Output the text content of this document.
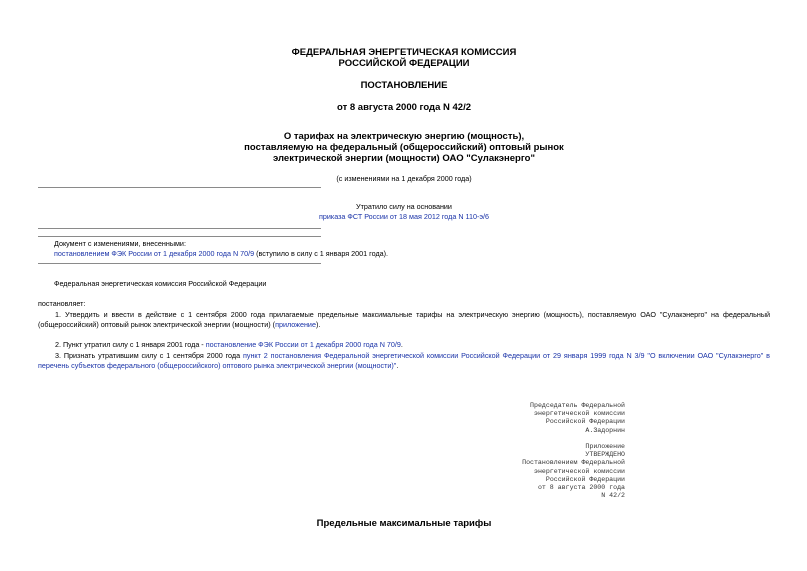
ФЕДЕРАЛЬНАЯ ЭНЕРГЕТИЧЕСКАЯ КОМИССИЯ
РОССИЙСКОЙ ФЕДЕРАЦИИ
ПОСТАНОВЛЕНИЕ
от 8 августа 2000 года N 42/2
О тарифах на электрическую энергию (мощность),
поставляемую на федеральный (общероссийский) оптовый рынок
электрической энергии (мощности) ОАО "Сулакэнерго"
(с изменениями на 1 декабря 2000 года)
Утратило силу на основании
приказа ФСТ России от 18 мая 2012 года N 110-э/6
Документ с изменениями, внесенными:
постановлением ФЭК России от 1 декабря 2000 года N 70/9 (вступило в силу с 1 января 2001 года).
Федеральная энергетическая комиссия Российской Федерации
постановляет:
1. Утвердить и ввести в действие с 1 сентября 2000 года прилагаемые предельные максимальные тарифы на электрическую энергию (мощность), поставляемую ОАО "Сулакэнерго" на федеральный (общероссийский) оптовый рынок электрической энергии (мощности) (приложение).
2. Пункт утратил силу с 1 января 2001 года - постановление ФЭК России от 1 декабря 2000 года N 70/9.
3. Признать утратившим силу с 1 сентября 2000 года пункт 2 постановления Федеральной энергетической комиссии Российской Федерации от 29 января 1999 года N 3/9 "О включении ОАО "Сулакэнерго" в перечень субъектов федерального (общероссийского) оптового рынка электрической энергии (мощности)".
Председатель Федеральной
энергетической комиссии
Российской Федерации
А.Задорнин
Приложение
УТВЕРЖДЕНО
Постановлением Федеральной
энергетической комиссии
Российской Федерации
от 8 августа 2000 года
N 42/2
Предельные максимальные тарифы
